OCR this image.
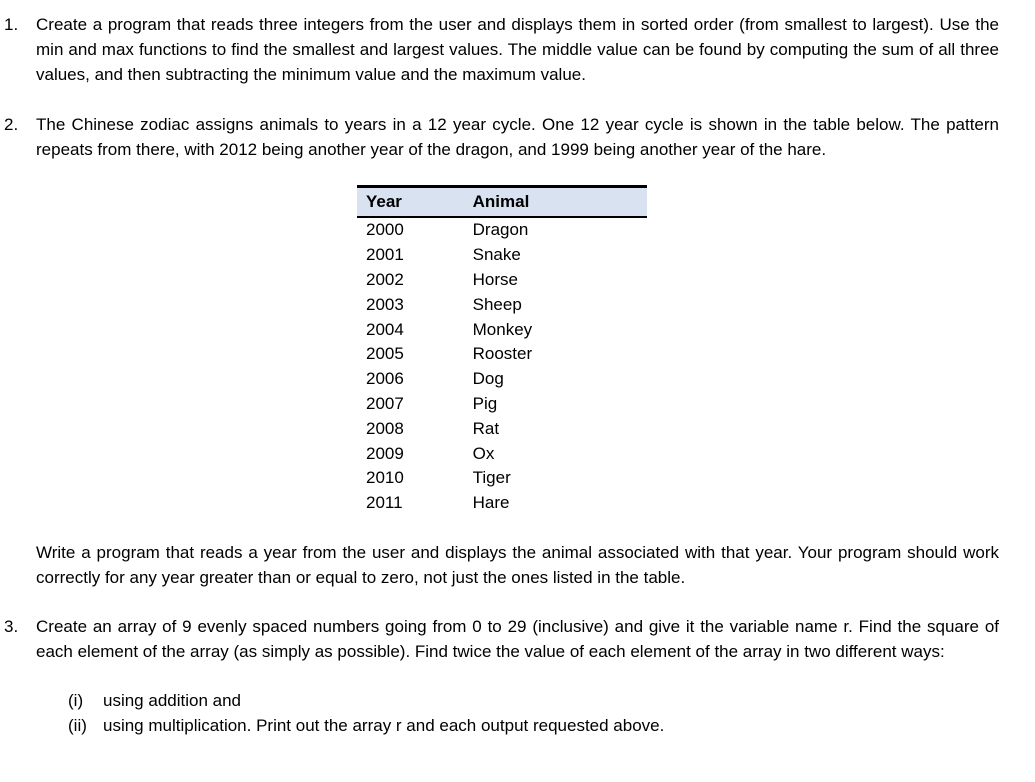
1. Create a program that reads three integers from the user and displays them in sorted order (from smallest to largest). Use the min and max functions to find the smallest and largest values. The middle value can be found by computing the sum of all three values, and then subtracting the minimum value and the maximum value.
2. The Chinese zodiac assigns animals to years in a 12 year cycle. One 12 year cycle is shown in the table below. The pattern repeats from there, with 2012 being another year of the dragon, and 1999 being another year of the hare.
Year	Animal
2000	Dragon
2001	Snake
2002	Horse
2003	Sheep
2004	Monkey
2005	Rooster
2006	Dog
2007	Pig
2008	Rat
2009	Ox
2010	Tiger
2011	Hare
Write a program that reads a year from the user and displays the animal associated with that year. Your program should work correctly for any year greater than or equal to zero, not just the ones listed in the table.
3. Create an array of 9 evenly spaced numbers going from 0 to 29 (inclusive) and give it the variable name r. Find the square of each element of the array (as simply as possible). Find twice the value of each element of the array in two different ways:
(i) using addition and
(ii) using multiplication. Print out the array r and each output requested above.
